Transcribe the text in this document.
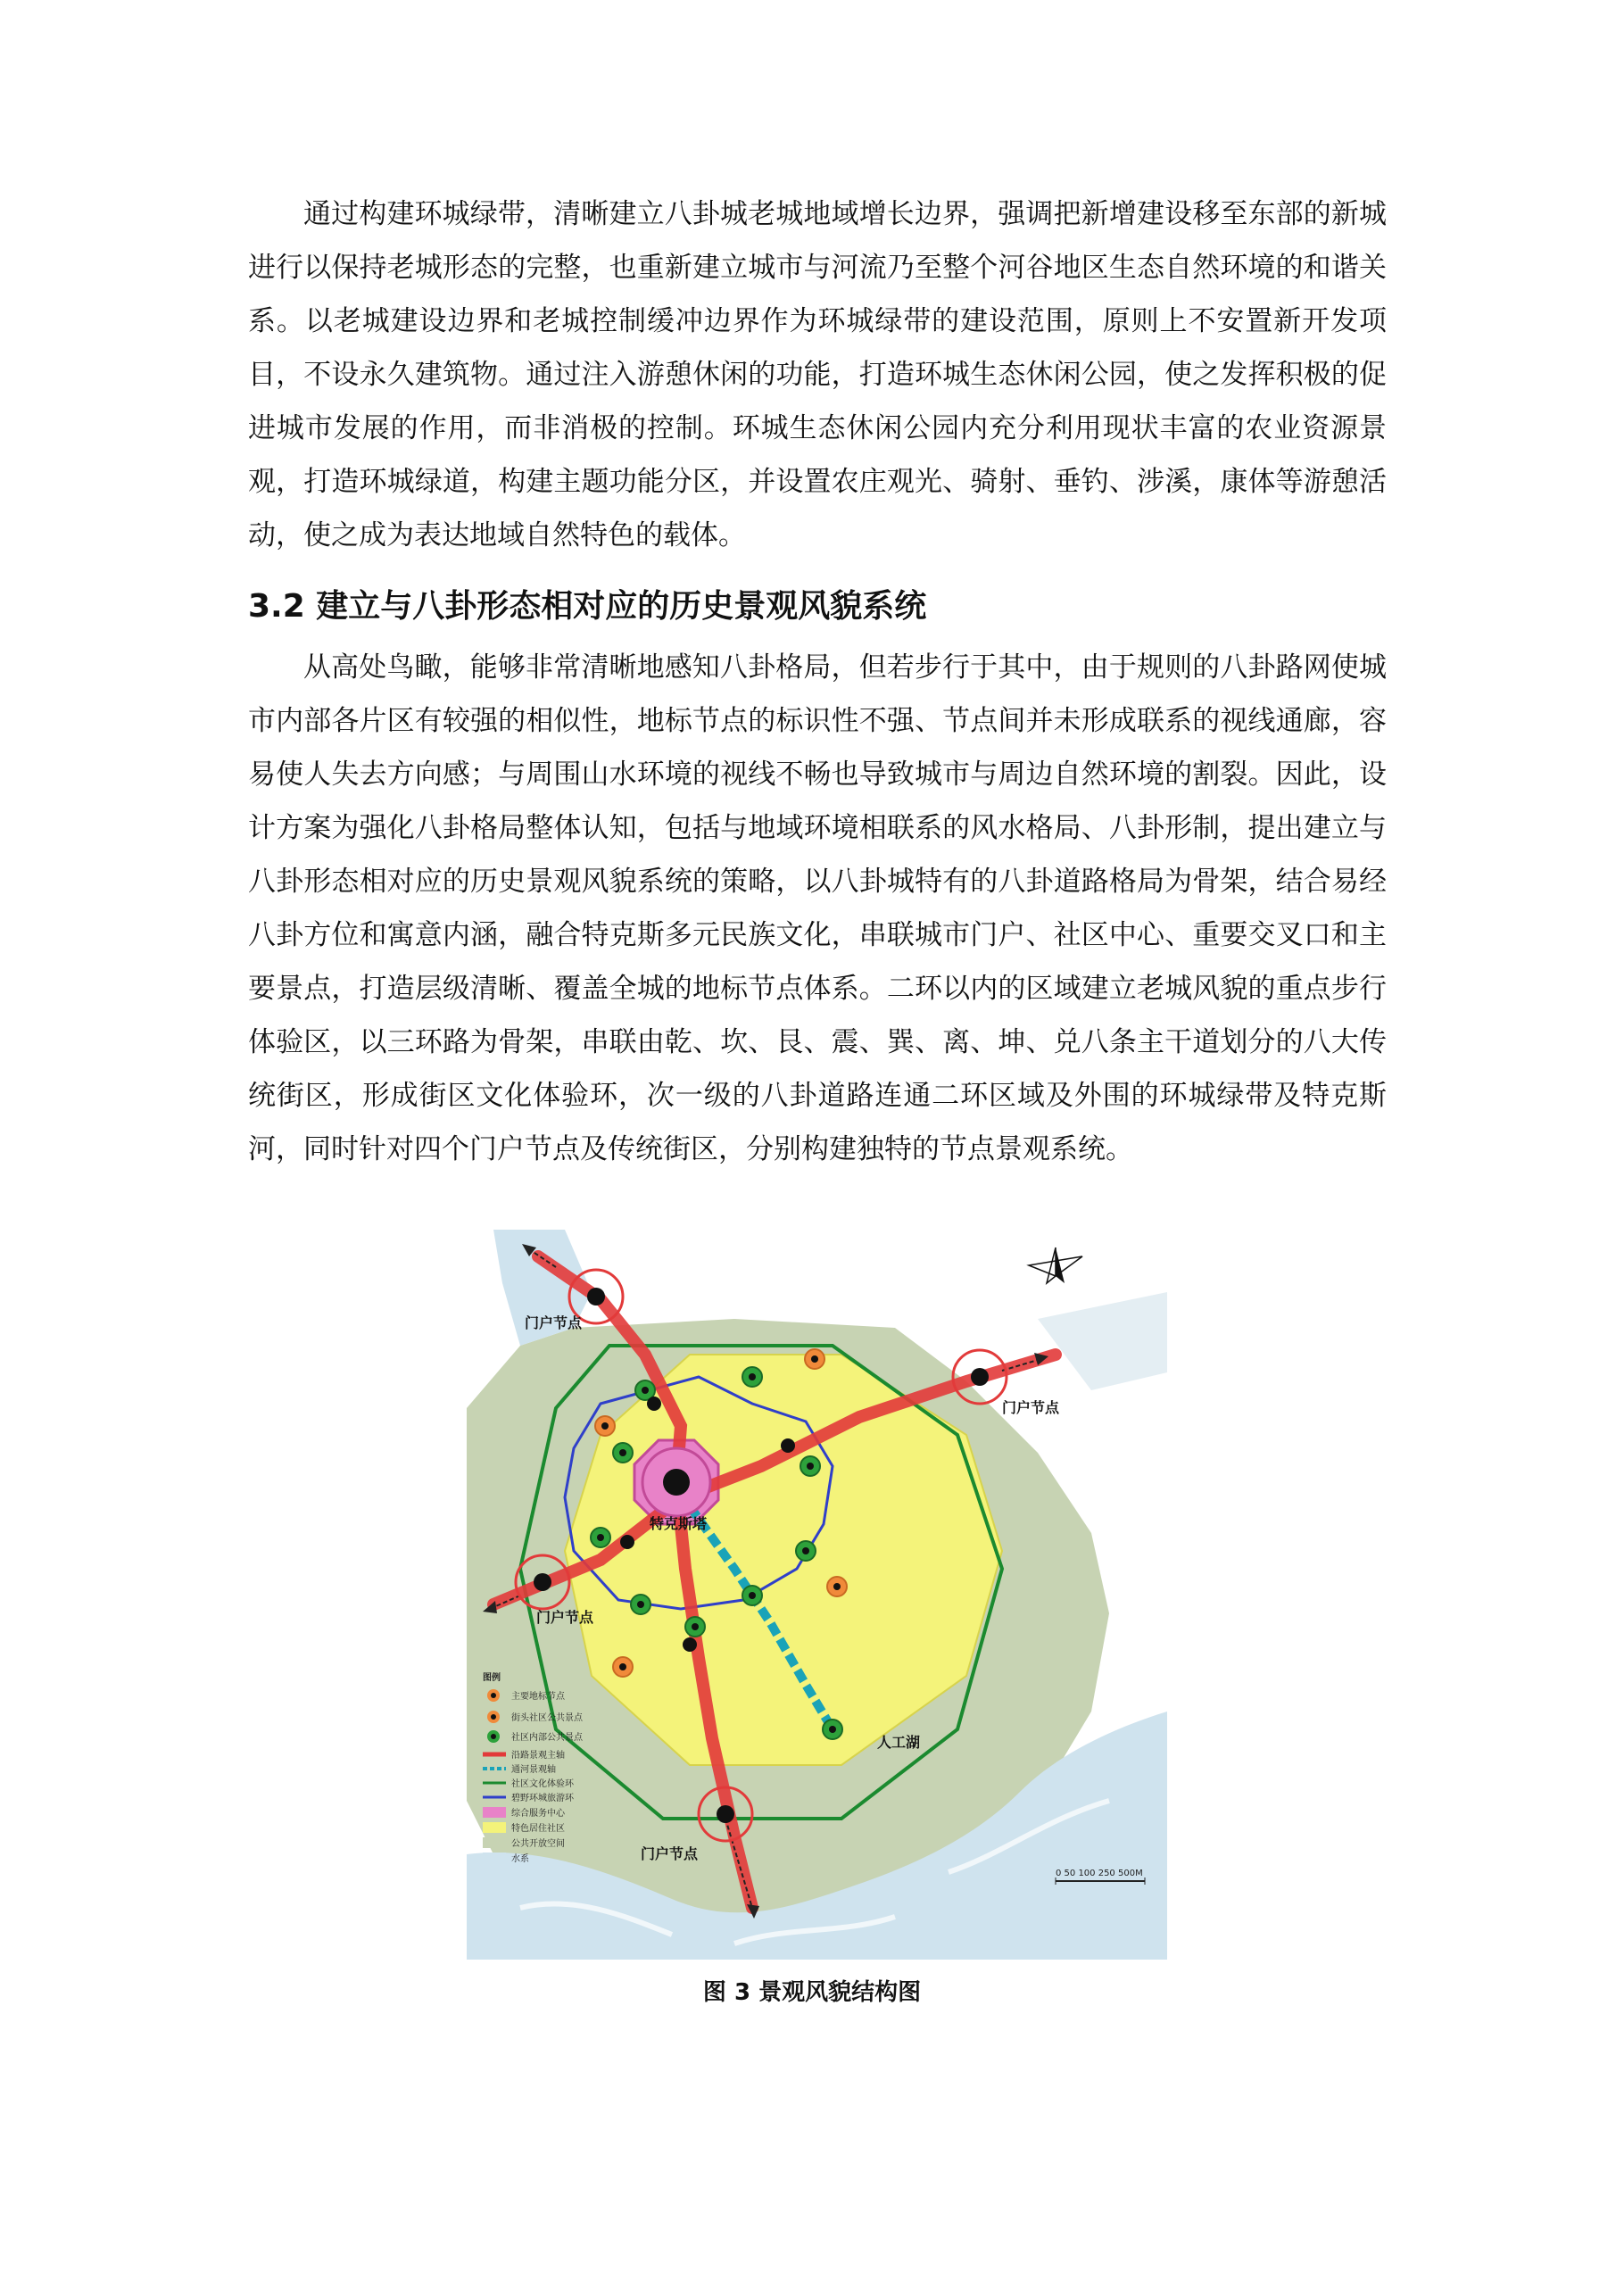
通过构建环城绿带，清晰建立八卦城老城地域增长边界，强调把新增建设移至东部的新城进行以保持老城形态的完整，也重新建立城市与河流乃至整个河谷地区生态自然环境的和谐关系。以老城建设边界和老城控制缓冲边界作为环城绿带的建设范围，原则上不安置新开发项目，不设永久建筑物。通过注入游憩休闲的功能，打造环城生态休闲公园，使之发挥积极的促进城市发展的作用，而非消极的控制。环城生态休闲公园内充分利用现状丰富的农业资源景观，打造环城绿道，构建主题功能分区，并设置农庄观光、骑射、垂钓、涉溪，康体等游憩活动，使之成为表达地域自然特色的载体。

3.2 建立与八卦形态相对应的历史景观风貌系统

从高处鸟瞰，能够非常清晰地感知八卦格局，但若步行于其中，由于规则的八卦路网使城市内部各片区有较强的相似性，地标节点的标识性不强、节点间并未形成联系的视线通廊，容易使人失去方向感；与周围山水环境的视线不畅也导致城市与周边自然环境的割裂。因此，设计方案为强化八卦格局整体认知，包括与地域环境相联系的风水格局、八卦形制，提出建立与八卦形态相对应的历史景观风貌系统的策略，以八卦城特有的八卦道路格局为骨架，结合易经八卦方位和寓意内涵，融合特克斯多元民族文化，串联城市门户、社区中心、重要交叉口和主要景点，打造层级清晰、覆盖全城的地标节点体系。二环以内的区域建立老城风貌的重点步行体验区，以三环路为骨架，串联由乾、坎、艮、震、巽、离、坤、兑八条主干道划分的八大传统街区，形成街区文化体验环，次一级的八卦道路连通二环区域及外围的环城绿带及特克斯河，同时针对四个门户节点及传统街区，分别构建独特的节点景观系统。

门户节点
门户节点
门户节点
门户节点
特克斯塔
人工湖
图例
主要地标节点
街头社区公共景点
社区内部公共景点
沿路景观主轴
通河景观轴
社区文化体验环
碧野环城旅游环
综合服务中心
特色居住社区
公共开放空间
水系
0 50 100 250 500M

图 3 景观风貌结构图
